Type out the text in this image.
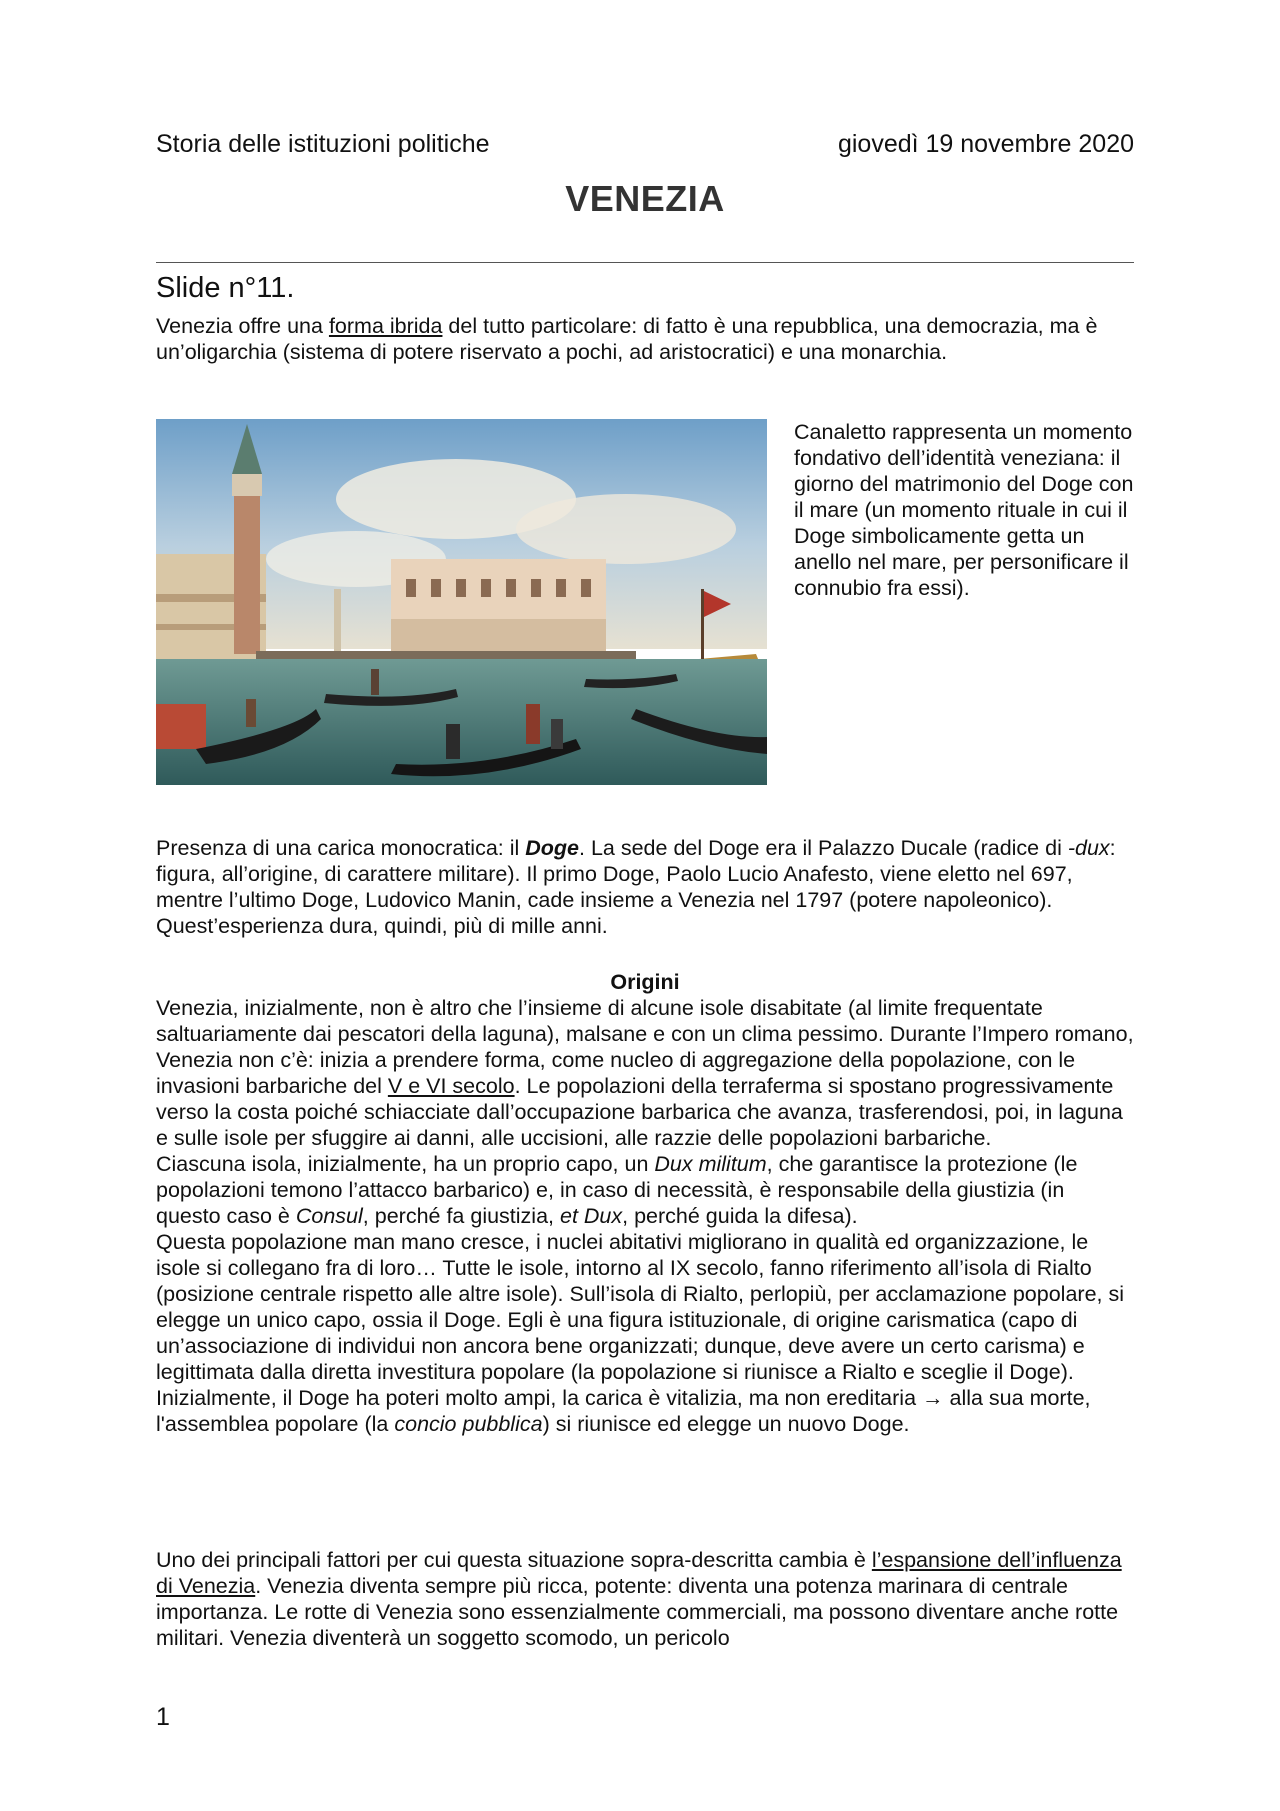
Storia delle istituzioni politiche	giovedì 19 novembre 2020
VENEZIA
Slide n°11.

Venezia offre una forma ibrida del tutto particolare: di fatto è una repubblica, una democrazia, ma è un’oligarchia (sistema di potere riservato a pochi, ad aristocratici) e una monarchia.

Canaletto rappresenta un momento fondativo dell’identità veneziana: il giorno del matrimonio del Doge con il mare (un momento rituale in cui il Doge simbolicamente getta un anello nel mare, per personificare il connubio fra essi).

Presenza di una carica monocratica: il Doge. La sede del Doge era il Palazzo Ducale (radice di -dux: figura, all’origine, di carattere militare). Il primo Doge, Paolo Lucio Anafesto, viene eletto nel 697, mentre l’ultimo Doge, Ludovico Manin, cade insieme a Venezia nel 1797 (potere napoleonico). Quest’esperienza dura, quindi, più di mille anni.

Origini

Venezia, inizialmente, non è altro che l’insieme di alcune isole disabitate (al limite frequentate saltuariamente dai pescatori della laguna), malsane e con un clima pessimo. Durante l’Impero romano, Venezia non c’è: inizia a prendere forma, come nucleo di aggregazione della popolazione, con le invasioni barbariche del V e VI secolo. Le popolazioni della terraferma si spostano progressivamente verso la costa poiché schiacciate dall’occupazione barbarica che avanza, trasferendosi, poi, in laguna e sulle isole per sfuggire ai danni, alle uccisioni, alle razzie delle popolazioni barbariche.

Ciascuna isola, inizialmente, ha un proprio capo, un Dux militum, che garantisce la protezione (le popolazioni temono l’attacco barbarico) e, in caso di necessità, è responsabile della giustizia (in questo caso è Consul, perché fa giustizia, et Dux, perché guida la difesa).

Questa popolazione man mano cresce, i nuclei abitativi migliorano in qualità ed organizzazione, le isole si collegano fra di loro… Tutte le isole, intorno al IX secolo, fanno riferimento all’isola di Rialto (posizione centrale rispetto alle altre isole). Sull’isola di Rialto, perlopiù, per acclamazione popolare, si elegge un unico capo, ossia il Doge. Egli è una figura istituzionale, di origine carismatica (capo di un’associazione di individui non ancora bene organizzati; dunque, deve avere un certo carisma) e legittimata dalla diretta investitura popolare (la popolazione si riunisce a Rialto e sceglie il Doge). Inizialmente, il Doge ha poteri molto ampi, la carica è vitalizia, ma non ereditaria → alla sua morte, l'assemblea popolare (la concio pubblica) si riunisce ed elegge un nuovo Doge.

Uno dei principali fattori per cui questa situazione sopra-descritta cambia è l’espansione dell’influenza di Venezia. Venezia diventa sempre più ricca, potente: diventa una potenza marinara di centrale importanza. Le rotte di Venezia sono essenzialmente commerciali, ma possono diventare anche rotte militari. Venezia diventerà un soggetto scomodo, un pericolo

1
